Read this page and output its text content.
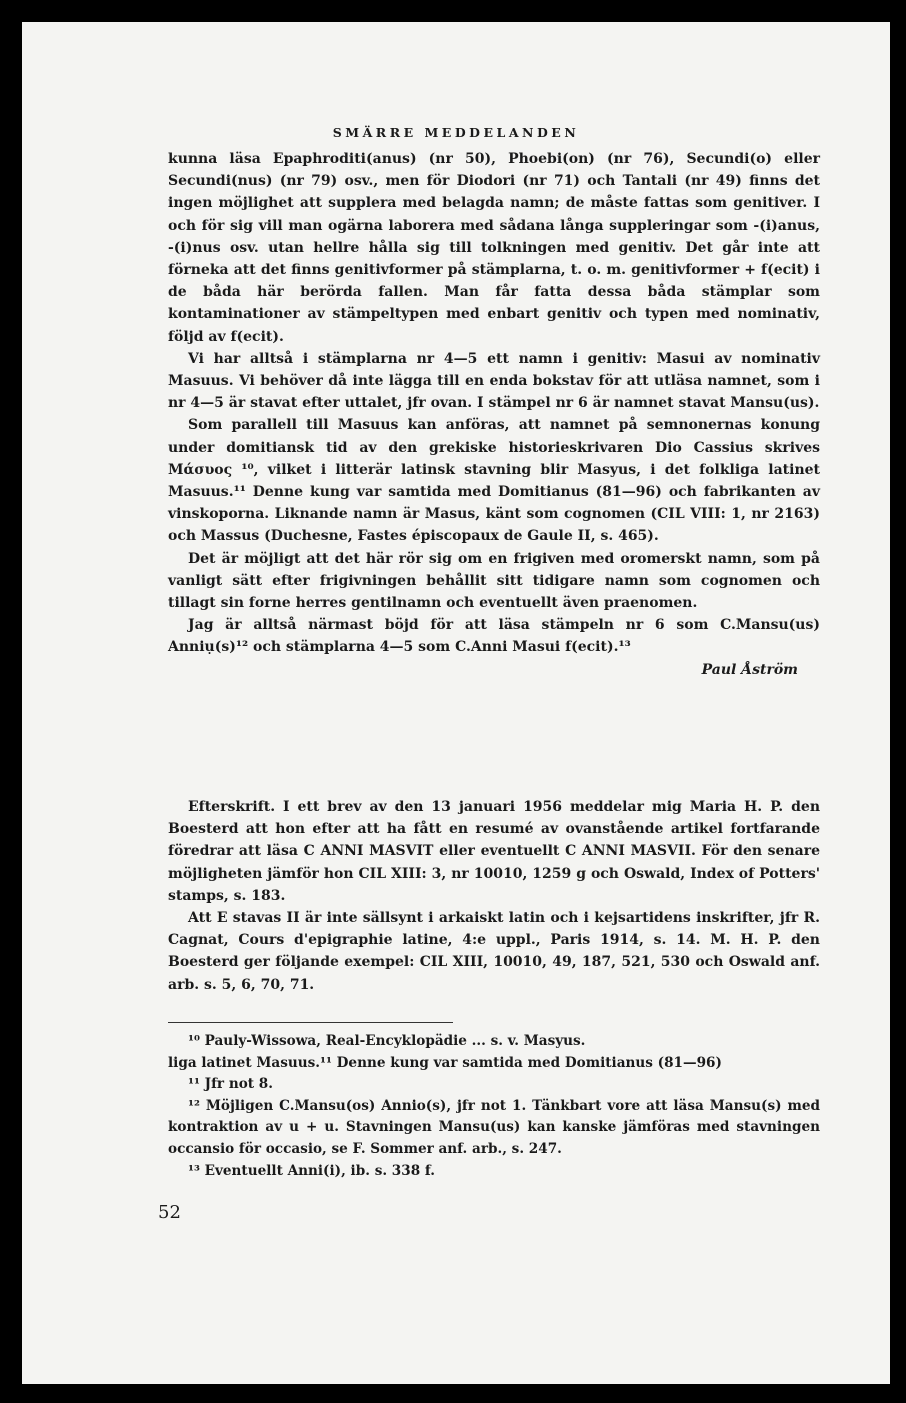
SMÄRRE MEDDELANDEN

kunna läsa Epaphroditi(anus) (nr 50), Phoebi(on) (nr 76), Secundi(o) eller Secundi(nus) (nr 79) osv., men för Diodori (nr 71) och Tantali (nr 49) finns det ingen möjlighet att supplera med belagda namn; de måste fattas som genitiver. I och för sig vill man ogärna laborera med sådana långa suppleringar som -(i)anus, -(i)nus osv. utan hellre hålla sig till tolkningen med genitiv. Det går inte att förneka att det finns genitivformer på stämplarna, t. o. m. genitivformer + f(ecit) i de båda här berörda fallen. Man får fatta dessa båda stämplar som kontaminationer av stämpeltypen med enbart genitiv och typen med nominativ, följd av f(ecit).

Vi har alltså i stämplarna nr 4—5 ett namn i genitiv: Masui av nominativ Masuus. Vi behöver då inte lägga till en enda bokstav för att utläsa namnet, som i nr 4—5 är stavat efter uttalet, jfr ovan. I stämpel nr 6 är namnet stavat Mansu(us).

Som parallell till Masuus kan anföras, att namnet på semnonernas konung under domitiansk tid av den grekiske historieskrivaren Dio Cassius skrives Μάσυος ¹⁰, vilket i litterär latinsk stavning blir Masyus, i det folkliga latinet Masuus.¹¹ Denne kung var samtida med Domitianus (81—96) och fabrikanten av vinskoporna. Liknande namn är Masus, känt som cognomen (CIL VIII: 1, nr 2163) och Massus (Duchesne, Fastes épiscopaux de Gaule II, s. 465).

Det är möjligt att det här rör sig om en frigiven med oromerskt namn, som på vanligt sätt efter frigivningen behållit sitt tidigare namn som cognomen och tillagt sin forne herres gentilnamn och eventuellt även praenomen.

Jag är alltså närmast böjd för att läsa stämpeln nr 6 som C.Mansu(us) Anniụ(s)¹² och stämplarna 4—5 som C.Anni Masui f(ecit).¹³

Paul Åström

Efterskrift. I ett brev av den 13 januari 1956 meddelar mig Maria H. P. den Boesterd att hon efter att ha fått en resumé av ovanstående artikel fortfarande föredrar att läsa C ANNI MASVIT eller eventuellt C ANNI MASVII. För den senare möjligheten jämför hon CIL XIII: 3, nr 10010, 1259 g och Oswald, Index of Potters' stamps, s. 183.

Att E stavas II är inte sällsynt i arkaiskt latin och i kejsartidens inskrifter, jfr R. Cagnat, Cours d'epigraphie latine, 4:e uppl., Paris 1914, s. 14. M. H. P. den Boesterd ger följande exempel: CIL XIII, 10010, 49, 187, 521, 530 och Oswald anf. arb. s. 5, 6, 70, 71.

¹⁰ Pauly-Wissowa, Real-Encyklopädie ... s. v. Masyus.

liga latinet Masuus.¹¹ Denne kung var samtida med Domitianus (81—96)

¹¹ Jfr not 8.

¹² Möjligen C.Mansu(os) Annio(s), jfr not 1. Tänkbart vore att läsa Mansu(s) med kontraktion av u + u. Stavningen Mansu(us) kan kanske jämföras med stavningen occansio för occasio, se F. Sommer anf. arb., s. 247.

¹³ Eventuellt Anni(i), ib. s. 338 f.

52
